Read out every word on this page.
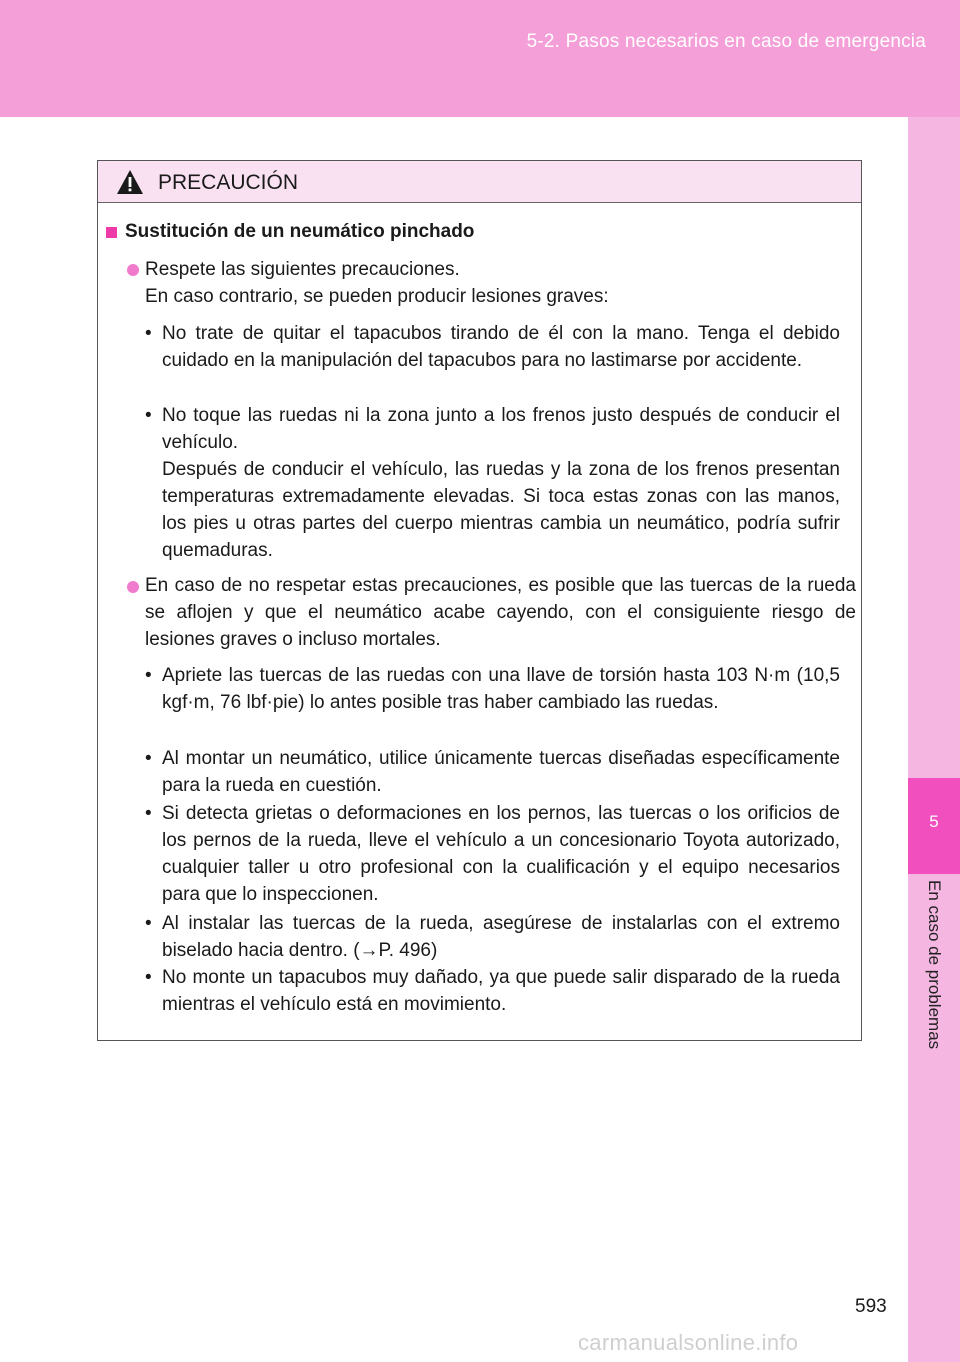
5-2. Pasos necesarios en caso de emergencia
5
En caso de problemas
PRECAUCIÓN
Sustitución de un neumático pinchado
Respete las siguientes precauciones.
En caso contrario, se pueden producir lesiones graves:
• No trate de quitar el tapacubos tirando de él con la mano. Tenga el debido cuidado en la manipulación del tapacubos para no lastimarse por accidente.
• No toque las ruedas ni la zona junto a los frenos justo después de conducir el vehículo.
Después de conducir el vehículo, las ruedas y la zona de los frenos presentan temperaturas extremadamente elevadas. Si toca estas zonas con las manos, los pies u otras partes del cuerpo mientras cambia un neumático, podría sufrir quemaduras.
En caso de no respetar estas precauciones, es posible que las tuercas de la rueda se aflojen y que el neumático acabe cayendo, con el consiguiente riesgo de lesiones graves o incluso mortales.
• Apriete las tuercas de las ruedas con una llave de torsión hasta 103 N·m (10,5 kgf·m, 76 lbf·pie) lo antes posible tras haber cambiado las ruedas.
• Al montar un neumático, utilice únicamente tuercas diseñadas específicamente para la rueda en cuestión.
• Si detecta grietas o deformaciones en los pernos, las tuercas o los orificios de los pernos de la rueda, lleve el vehículo a un concesionario Toyota autorizado, cualquier taller u otro profesional con la cualificación y el equipo necesarios para que lo inspeccionen.
• Al instalar las tuercas de la rueda, asegúrese de instalarlas con el extremo biselado hacia dentro. (→P. 496)
• No monte un tapacubos muy dañado, ya que puede salir disparado de la rueda mientras el vehículo está en movimiento.
593
carmanualsonline.info
